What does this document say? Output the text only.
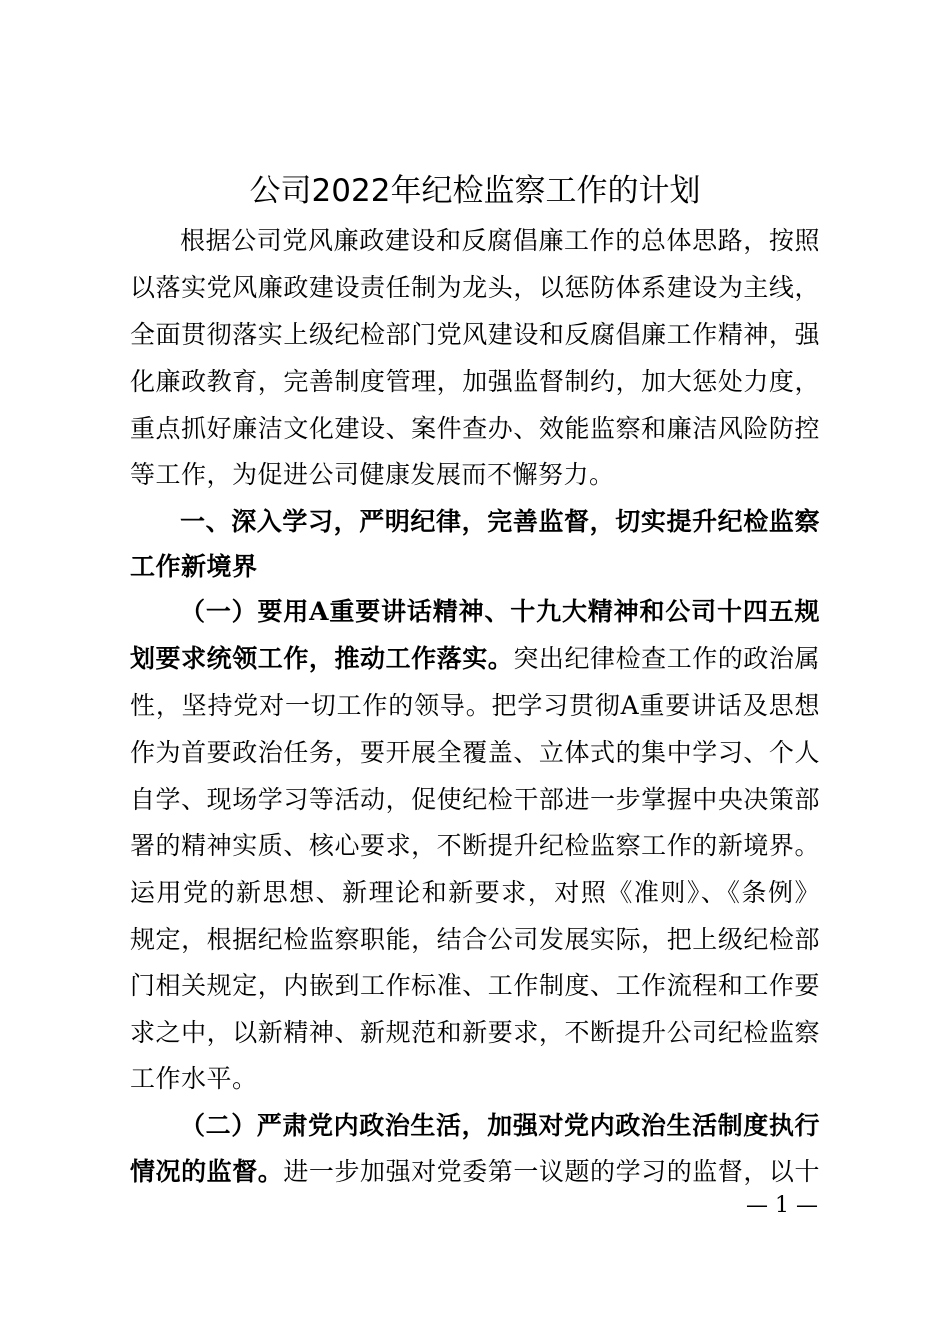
公司2022年纪检监察工作的计划
根据公司党风廉政建设和反腐倡廉工作的总体思路，按照
以落实党风廉政建设责任制为龙头，以惩防体系建设为主线，
全面贯彻落实上级纪检部门党风建设和反腐倡廉工作精神，强
化廉政教育，完善制度管理，加强监督制约，加大惩处力度，
重点抓好廉洁文化建设、案件查办、效能监察和廉洁风险防控
等工作，为促进公司健康发展而不懈努力。
一、深入学习，严明纪律，完善监督，切实提升纪检监察
工作新境界
（一）要用A重要讲话精神、十九大精神和公司十四五规
划要求统领工作，推动工作落实。突出纪律检查工作的政治属
性，坚持党对一切工作的领导。把学习贯彻A重要讲话及思想
作为首要政治任务，要开展全覆盖、立体式的集中学习、个人
自学、现场学习等活动，促使纪检干部进一步掌握中央决策部
署的精神实质、核心要求，不断提升纪检监察工作的新境界。
运用党的新思想、新理论和新要求，对照《准则》、《条例》
规定，根据纪检监察职能，结合公司发展实际，把上级纪检部
门相关规定，内嵌到工作标准、工作制度、工作流程和工作要
求之中，以新精神、新规范和新要求，不断提升公司纪检监察
工作水平。
（二）严肃党内政治生活，加强对党内政治生活制度执行
情况的监督。进一步加强对党委第一议题的学习的监督，以十
— 1 —
